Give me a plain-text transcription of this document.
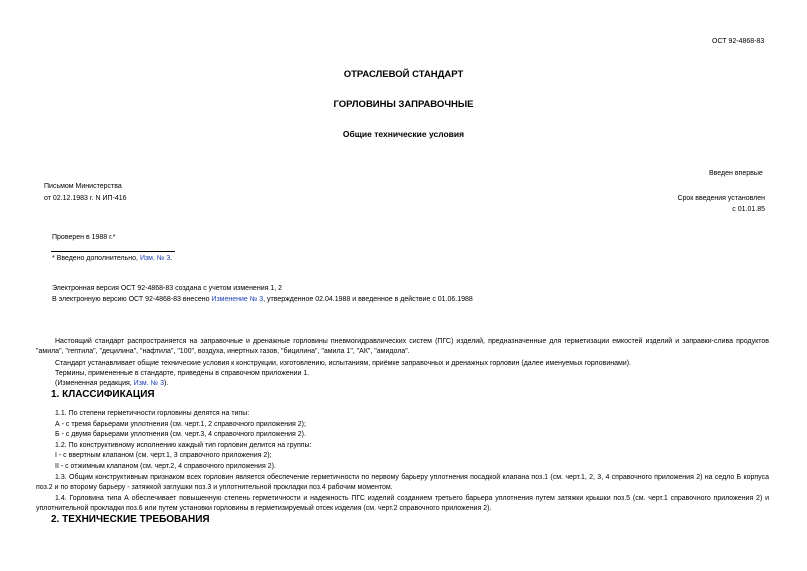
ОСТ 92-4868-83
ОТРАСЛЕВОЙ СТАНДАРТ
ГОРЛОВИНЫ ЗАПРАВОЧНЫЕ
Общие технические условия
Введен впервые
Письмом Министерства
от 02.12.1983 г. N ИП-416	Срок введения установлен
с 01.01.85
Проверен в 1988 г.*
* Введено дополнительно, Изм. № 3.
Электронная версия ОСТ 92-4868-83 создана с учетом изменения 1, 2
В электронную версию ОСТ 92-4868-83 внесено Изменение № 3, утвержденное 02.04.1988 и введенное в действие с 01.06.1988
Настоящий стандарт распространяется на заправочные и дренажные горловины пневмогидравлических систем (ПГС) изделий, предназначенные для герметизации емкостей изделий и заправки-слива продуктов "амила", "гептила", "децилина", "нафтила", "100", воздуха, инертных газов, "бицилина", "амила 1", "АК", "амидола".
Стандарт устанавливает общие технические условия к конструкции, изготовлению, испытаниям, приёмке заправочных и дренажных горловин (далее именуемых горловинами).
Термины, примененные в стандарте, приведены в справочном приложении 1.
(Измененная редакция, Изм. № 3).
1. КЛАССИФИКАЦИЯ
1.1. По степени герметичности горловины делятся на типы:
А - с тремя барьерами уплотнения (см. черт.1, 2 справочного приложения 2);
Б - с двумя барьерами уплотнения (см. черт.3, 4 справочного приложения 2).
1.2. По конструктивному исполнению каждый тип горловин делится на группы:
I - с ввертным клапаном (см. черт.1, 3 справочного приложения 2);
II - с отжимным клапаном (см. черт.2, 4 справочного приложения 2).
1.3. Общим конструктивным признаком всех горловин является обеспечение герметичности по первому барьеру уплотнения посадкой клапана поз.1 (см. черт.1, 2, 3, 4 справочного приложения 2) на седло Б корпуса поз.2 и по второму барьеру - затяжкой заглушки поз.3 и уплотнительной прокладки поз.4 рабочим моментом.
1.4. Горловина типа А обеспечивает повышенную степень герметичности и надежность ПГС изделий созданием третьего барьера уплотнения путем затяжки крышки поз.5 (см. черт.1 справочного приложения 2) и уплотнительной прокладки поз.6 или путем установки горловины в герметизируемый отсек изделия (см. черт.2 справочного приложения 2).
2. ТЕХНИЧЕСКИЕ ТРЕБОВАНИЯ
